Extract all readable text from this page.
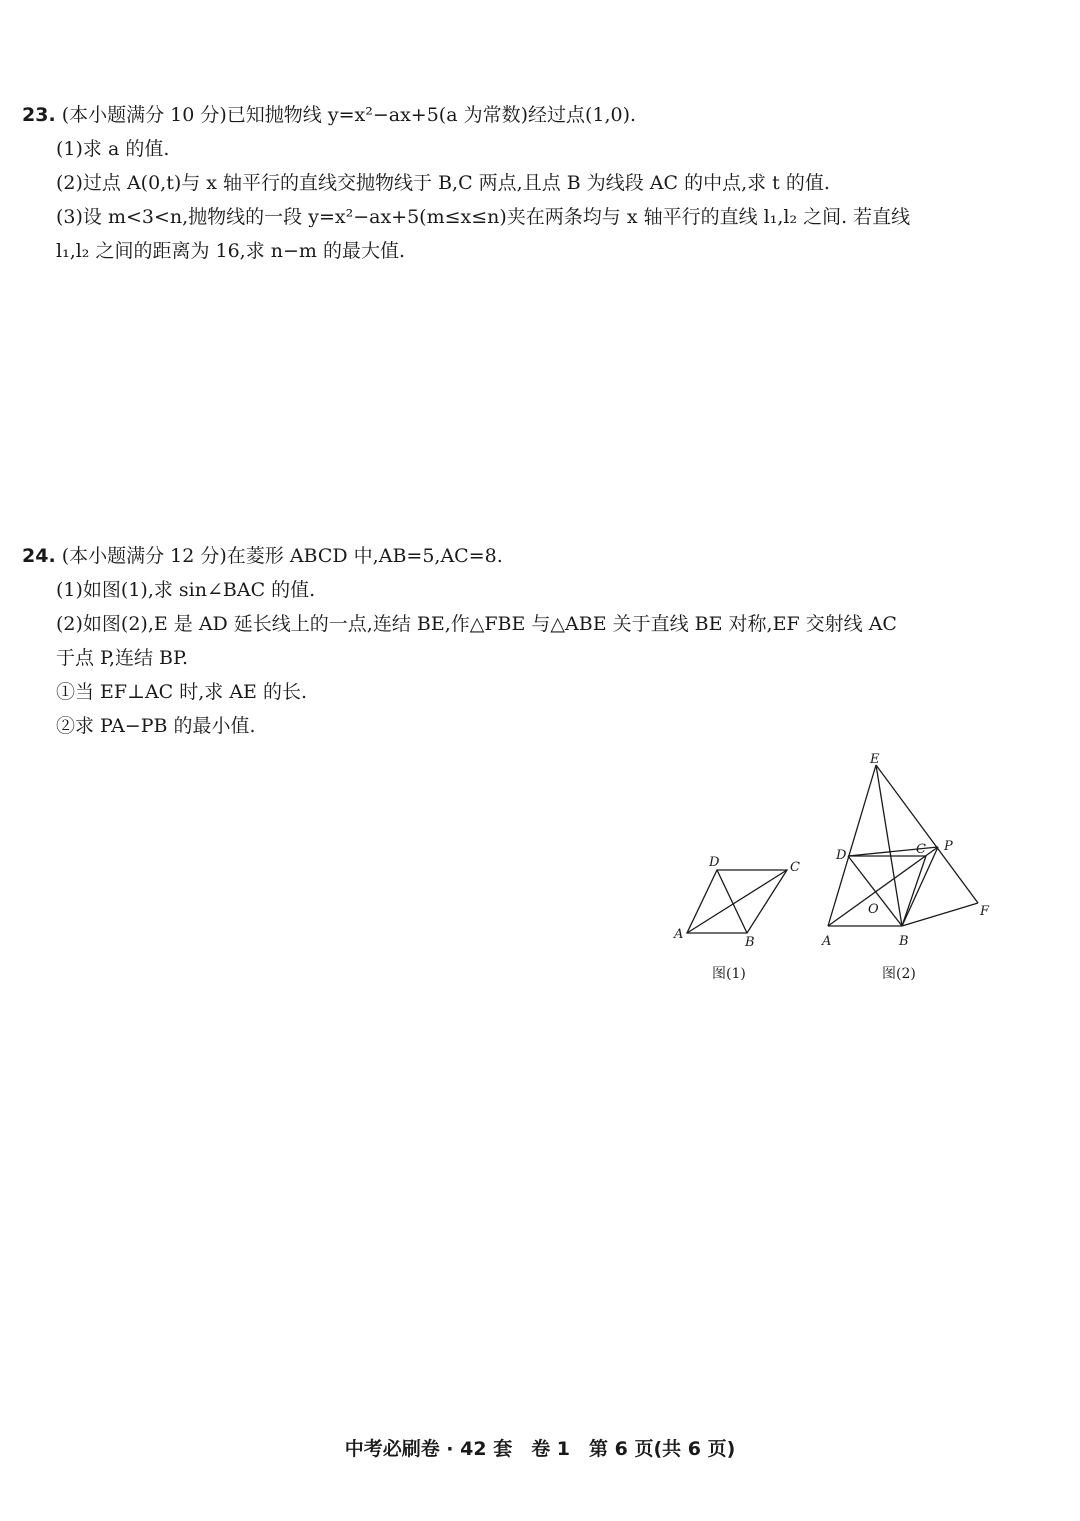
23. (本小题满分 10 分)已知抛物线 y=x²−ax+5(a 为常数)经过点(1,0).
(1)求 a 的值.
(2)过点 A(0,t)与 x 轴平行的直线交抛物线于 B,C 两点,且点 B 为线段 AC 的中点,求 t 的值.
(3)设 m<3<n,抛物线的一段 y=x²−ax+5(m≤x≤n)夹在两条均与 x 轴平行的直线 l₁,l₂ 之间. 若直线
l₁,l₂ 之间的距离为 16,求 n−m 的最大值.
24. (本小题满分 12 分)在菱形 ABCD 中,AB=5,AC=8.
(1)如图(1),求 sin∠BAC 的值.
(2)如图(2),E 是 AD 延长线上的一点,连结 BE,作△FBE 与△ABE 关于直线 BE 对称,EF 交射线 AC
于点 P,连结 BP.
①当 EF⊥AC 时,求 AE 的长.
②求 PA−PB 的最小值.
A
B
C
D
A	B
C
D
E
F
O
P
图(1)	图(2)
中考必刷卷 · 42 套　卷 1　第 6 页(共 6 页)
